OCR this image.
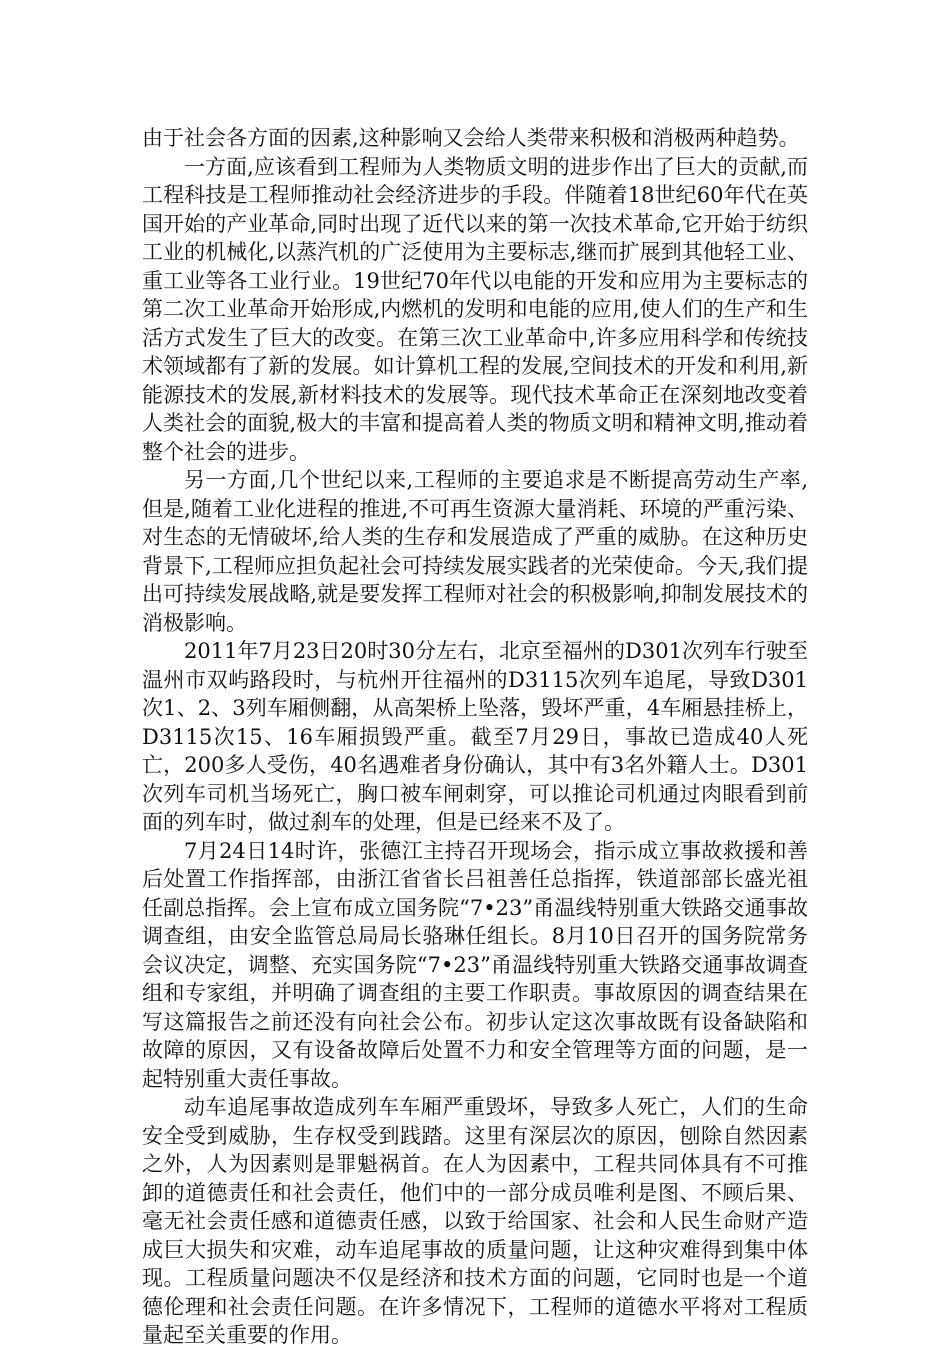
由于社会各方面的因素,这种影响又会给人类带来积极和消极两种趋势。

一方面,应该看到工程师为人类物质文明的进步作出了巨大的贡献,而工程科技是工程师推动社会经济进步的手段。伴随着18世纪60年代在英国开始的产业革命,同时出现了近代以来的第一次技术革命,它开始于纺织工业的机械化,以蒸汽机的广泛使用为主要标志,继而扩展到其他轻工业、重工业等各工业行业。19世纪70年代以电能的开发和应用为主要标志的第二次工业革命开始形成,内燃机的发明和电能的应用,使人们的生产和生活方式发生了巨大的改变。在第三次工业革命中,许多应用科学和传统技术领域都有了新的发展。如计算机工程的发展,空间技术的开发和利用,新能源技术的发展,新材料技术的发展等。现代技术革命正在深刻地改变着人类社会的面貌,极大的丰富和提高着人类的物质文明和精神文明,推动着整个社会的进步。

另一方面,几个世纪以来,工程师的主要追求是不断提高劳动生产率,但是,随着工业化进程的推进,不可再生资源大量消耗、环境的严重污染、对生态的无情破坏,给人类的生存和发展造成了严重的威胁。在这种历史背景下,工程师应担负起社会可持续发展实践者的光荣使命。今天,我们提出可持续发展战略,就是要发挥工程师对社会的积极影响,抑制发展技术的消极影响。

2011年7月23日20时30分左右，北京至福州的D301次列车行驶至温州市双屿路段时，与杭州开往福州的D3115次列车追尾，导致D301次1、2、3列车厢侧翻，从高架桥上坠落，毁坏严重，4车厢悬挂桥上，D3115次15、16车厢损毁严重。截至7月29日，事故已造成40人死亡，200多人受伤，40名遇难者身份确认，其中有3名外籍人士。D301次列车司机当场死亡，胸口被车闸刺穿，可以推论司机通过肉眼看到前面的列车时，做过刹车的处理，但是已经来不及了。

7月24日14时许，张德江主持召开现场会，指示成立事故救援和善后处置工作指挥部，由浙江省省长吕祖善任总指挥，铁道部部长盛光祖任副总指挥。会上宣布成立国务院“7•23”甬温线特别重大铁路交通事故调查组，由安全监管总局局长骆琳任组长。8月10日召开的国务院常务会议决定，调整、充实国务院“7•23”甬温线特别重大铁路交通事故调查组和专家组，并明确了调查组的主要工作职责。事故原因的调查结果在写这篇报告之前还没有向社会公布。初步认定这次事故既有设备缺陷和故障的原因，又有设备故障后处置不力和安全管理等方面的问题，是一起特别重大责任事故。

动车追尾事故造成列车车厢严重毁坏，导致多人死亡，人们的生命安全受到威胁，生存权受到践踏。这里有深层次的原因，刨除自然因素之外，人为因素则是罪魁祸首。在人为因素中，工程共同体具有不可推卸的道德责任和社会责任，他们中的一部分成员唯利是图、不顾后果、毫无社会责任感和道德责任感，以致于给国家、社会和人民生命财产造成巨大损失和灾难，动车追尾事故的质量问题，让这种灾难得到集中体现。工程质量问题决不仅是经济和技术方面的问题，它同时也是一个道德伦理和社会责任问题。在许多情况下，工程师的道德水平将对工程质量起至关重要的作用。
